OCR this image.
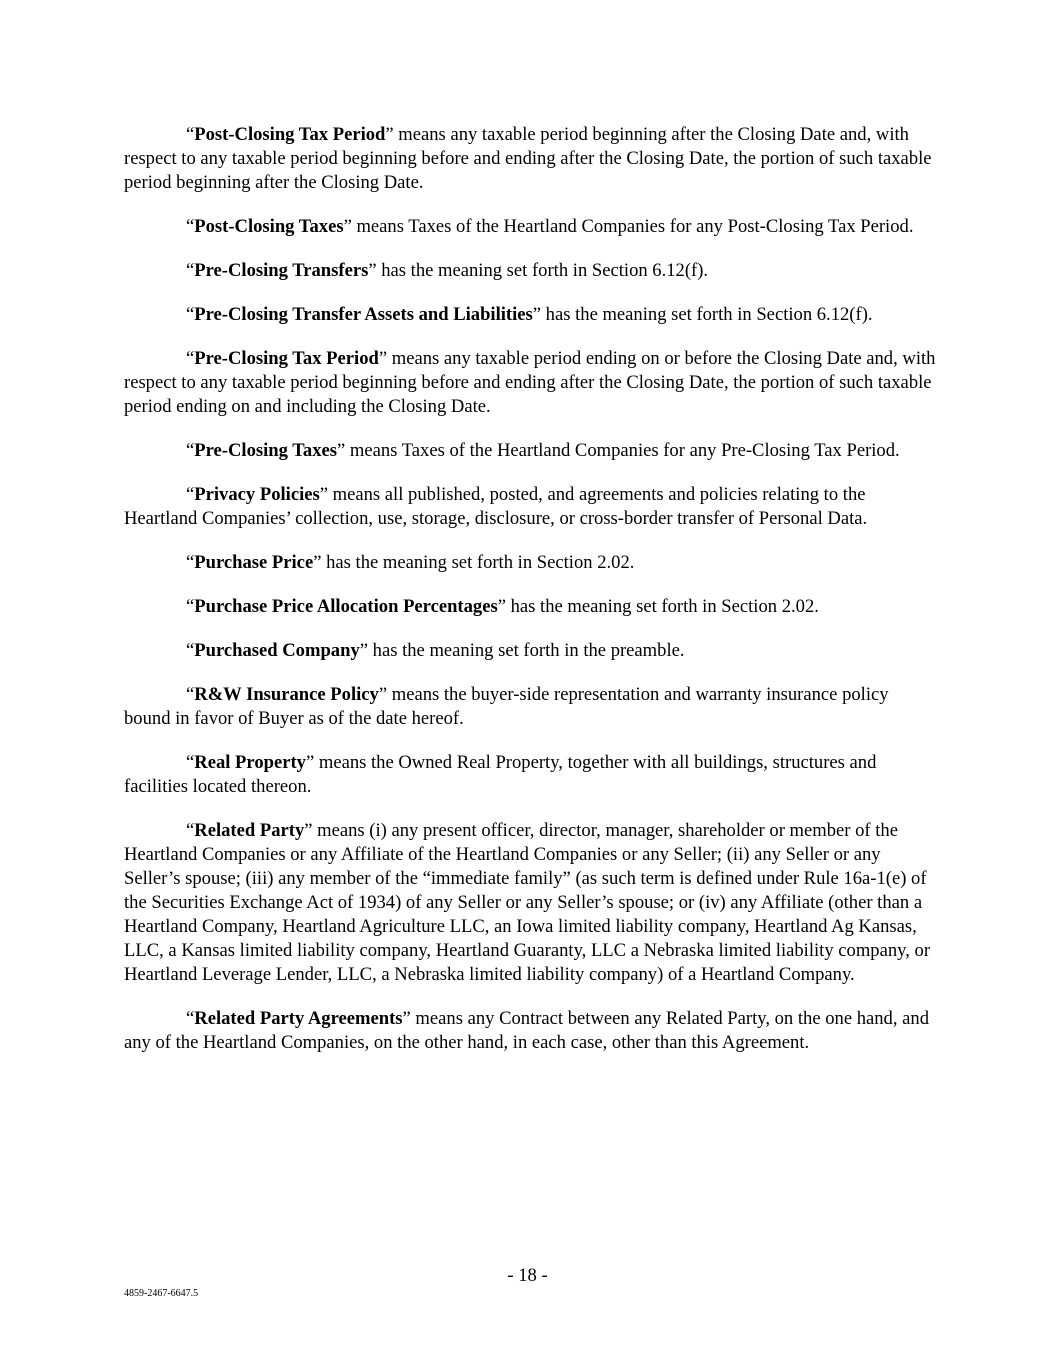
“Post-Closing Tax Period” means any taxable period beginning after the Closing Date and, with respect to any taxable period beginning before and ending after the Closing Date, the portion of such taxable period beginning after the Closing Date.

“Post-Closing Taxes” means Taxes of the Heartland Companies for any Post-Closing Tax Period.

“Pre-Closing Transfers” has the meaning set forth in Section 6.12(f).

“Pre-Closing Transfer Assets and Liabilities” has the meaning set forth in Section 6.12(f).

“Pre-Closing Tax Period” means any taxable period ending on or before the Closing Date and, with respect to any taxable period beginning before and ending after the Closing Date, the portion of such taxable period ending on and including the Closing Date.

“Pre-Closing Taxes” means Taxes of the Heartland Companies for any Pre-Closing Tax Period.

“Privacy Policies” means all published, posted, and agreements and policies relating to the Heartland Companies’ collection, use, storage, disclosure, or cross-border transfer of Personal Data.

“Purchase Price” has the meaning set forth in Section 2.02.

“Purchase Price Allocation Percentages” has the meaning set forth in Section 2.02.

“Purchased Company” has the meaning set forth in the preamble.

“R&W Insurance Policy” means the buyer-side representation and warranty insurance policy bound in favor of Buyer as of the date hereof.

“Real Property” means the Owned Real Property, together with all buildings, structures and facilities located thereon.

“Related Party” means (i) any present officer, director, manager, shareholder or member of the Heartland Companies or any Affiliate of the Heartland Companies or any Seller; (ii) any Seller or any Seller’s spouse; (iii) any member of the “immediate family” (as such term is defined under Rule 16a-1(e) of the Securities Exchange Act of 1934) of any Seller or any Seller’s spouse; or (iv) any Affiliate (other than a Heartland Company, Heartland Agriculture LLC, an Iowa limited liability company, Heartland Ag Kansas, LLC, a Kansas limited liability company, Heartland Guaranty, LLC a Nebraska limited liability company, or Heartland Leverage Lender, LLC, a Nebraska limited liability company) of a Heartland Company.

“Related Party Agreements” means any Contract between any Related Party, on the one hand, and any of the Heartland Companies, on the other hand, in each case, other than this Agreement.

- 18 -
4859-2467-6647.5
